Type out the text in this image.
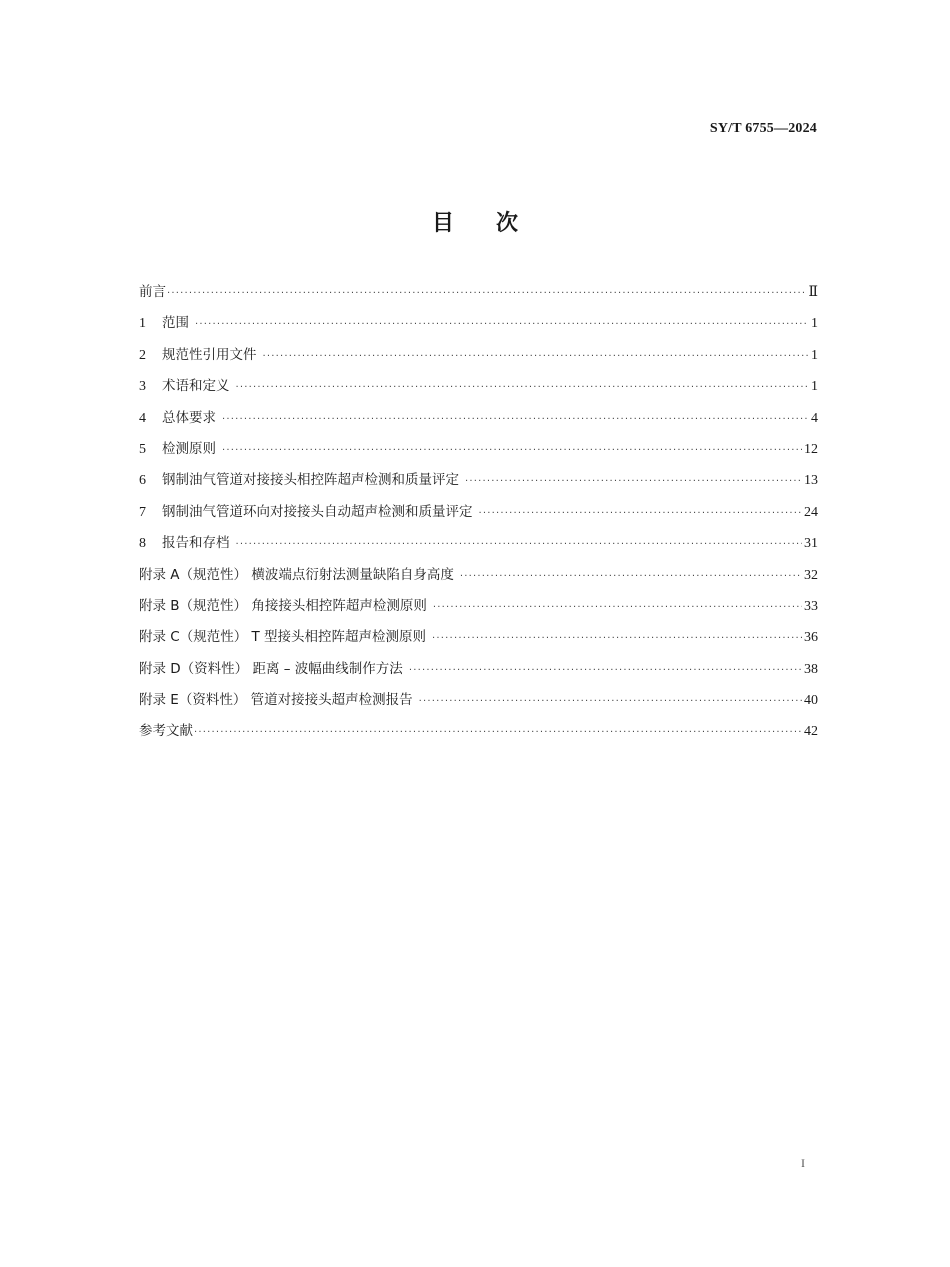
SY/T 6755—2024
目 次
前言 ·····	Ⅱ
1	范围 ·····	1
2	规范性引用文件 ·····	1
3	术语和定义 ·····	1
4	总体要求 ·····	4
5	检测原则 ·····	12
6	钢制油气管道对接接头相控阵超声检测和质量评定 ·····	13
7	钢制油气管道环向对接接头自动超声检测和质量评定 ·····	24
8	报告和存档 ·····	31
附录 A（规范性） 横波端点衍射法测量缺陷自身高度 ·····	32
附录 B（规范性） 角接接头相控阵超声检测原则 ·····	33
附录 C（规范性） T 型接头相控阵超声检测原则 ·····	36
附录 D（资料性） 距离 – 波幅曲线制作方法 ·····	38
附录 E（资料性） 管道对接接头超声检测报告 ·····	40
参考文献 ·····	42
I
